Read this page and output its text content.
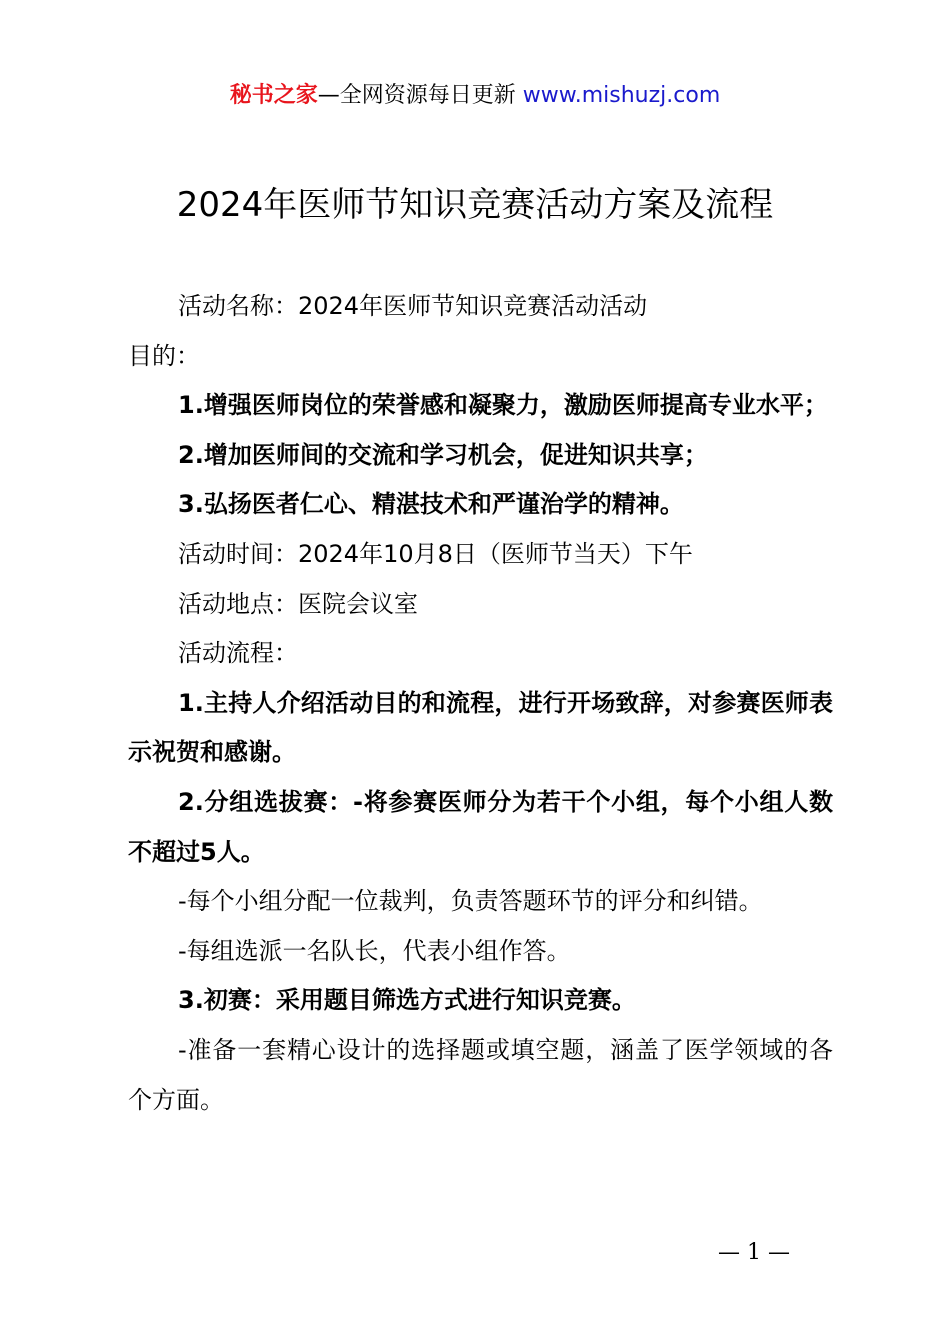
秘书之家—全网资源每日更新 www.mishuzj.com
2024年医师节知识竞赛活动方案及流程

活动名称：2024年医师节知识竞赛活动活动

目的：

1.增强医师岗位的荣誉感和凝聚力，激励医师提高专业水平；

2.增加医师间的交流和学习机会，促进知识共享；

3.弘扬医者仁心、精湛技术和严谨治学的精神。

活动时间：2024年10月8日（医师节当天）下午

活动地点：医院会议室

活动流程：

1.主持人介绍活动目的和流程，进行开场致辞，对参赛医师表示祝贺和感谢。

2.分组选拔赛：-将参赛医师分为若干个小组，每个小组人数不超过5人。

-每个小组分配一位裁判，负责答题环节的评分和纠错。

-每组选派一名队长，代表小组作答。

3.初赛：采用题目筛选方式进行知识竞赛。

-准备一套精心设计的选择题或填空题，涵盖了医学领域的各个方面。

— 1 —
